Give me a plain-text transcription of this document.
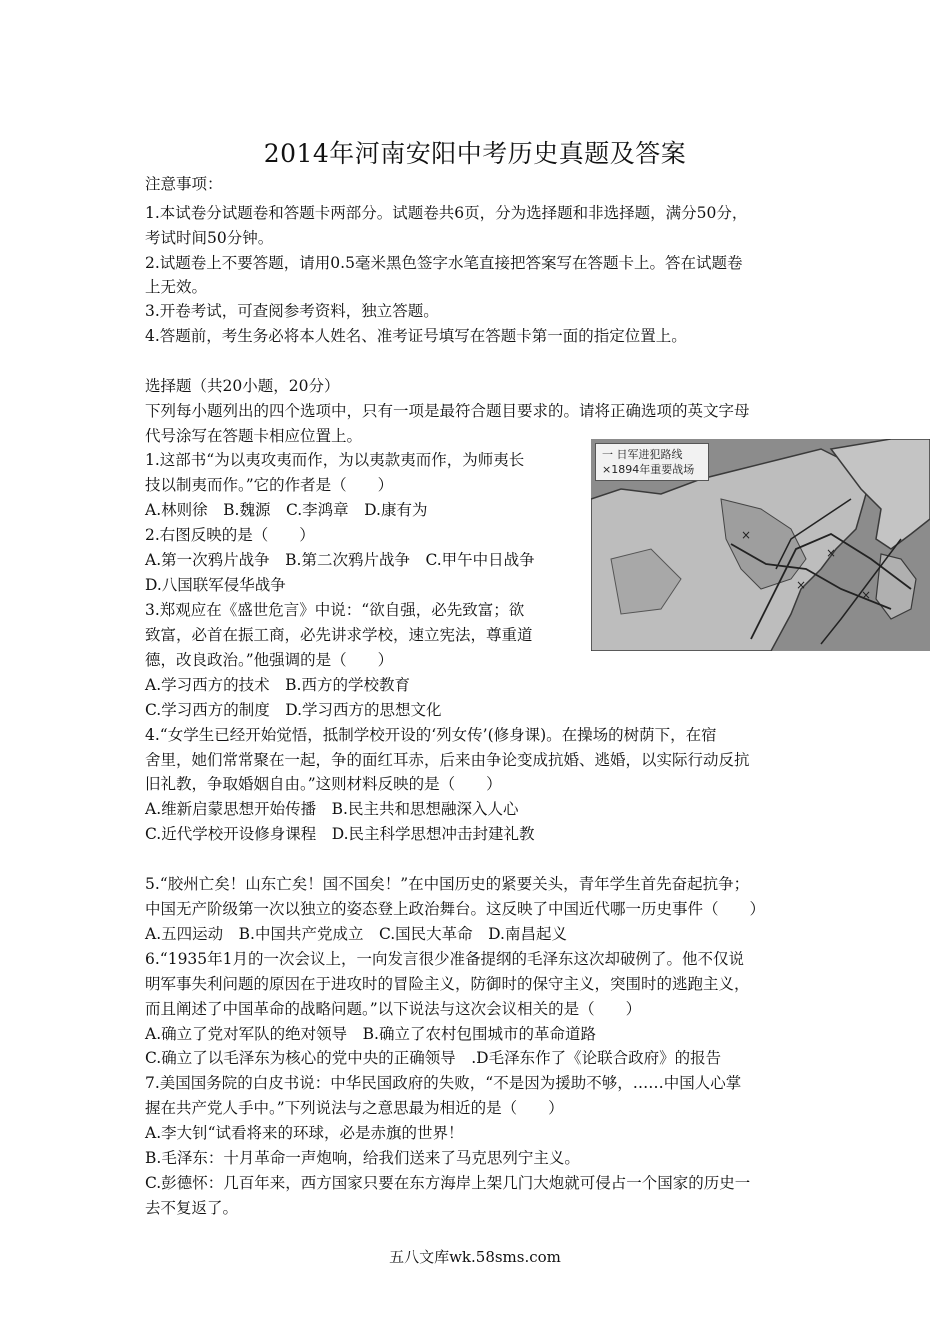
2014年河南安阳中考历史真题及答案
注意事项：
1.本试卷分试题卷和答题卡两部分。试题卷共6页，分为选择题和非选择题，满分50分，
考试时间50分钟。
2.试题卷上不要答题，请用0.5毫米黑色签字水笔直接把答案写在答题卡上。答在试题卷
上无效。
3.开卷考试，可查阅参考资料，独立答题。
4.答题前，考生务必将本人姓名、准考证号填写在答题卡第一面的指定位置上。
选择题（共20小题，20分）
下列每小题列出的四个选项中，只有一项是最符合题目要求的。请将正确选项的英文字母
代号涂写在答题卡相应位置上。
1.这部书“为以夷攻夷而作，为以夷款夷而作，为师夷长
技以制夷而作。”它的作者是（　　）
A.林则徐　B.魏源　C.李鸿章　D.康有为
2.右图反映的是（　　）
A.第一次鸦片战争　B.第二次鸦片战争　C.甲午中日战争
D.八国联军侵华战争
3.郑观应在《盛世危言》中说：“欲自强，必先致富；欲
致富，必首在振工商，必先讲求学校，速立宪法，尊重道
德，改良政治。”他强调的是（　　）
A.学习西方的技术　B.西方的学校教育
C.学习西方的制度　D.学习西方的思想文化
4.“女学生已经开始觉悟，抵制学校开设的‘列女传’(修身课)。在操场的树荫下，在宿
舍里，她们常常聚在一起，争的面红耳赤，后来由争论变成抗婚、逃婚，以实际行动反抗
旧礼教，争取婚姻自由。”这则材料反映的是（　　）
A.维新启蒙思想开始传播　B.民主共和思想融深入人心
C.近代学校开设修身课程　D.民主科学思想冲击封建礼教
5.“胶州亡矣！山东亡矣！国不国矣！”在中国历史的紧要关头，青年学生首先奋起抗争；
中国无产阶级第一次以独立的姿态登上政治舞台。这反映了中国近代哪一历史事件（　　）
A.五四运动　B.中国共产党成立　C.国民大革命　D.南昌起义
6.“1935年1月的一次会议上，一向发言很少准备提纲的毛泽东这次却破例了。他不仅说
明军事失利问题的原因在于进攻时的冒险主义，防御时的保守主义，突围时的逃跑主义，
而且阐述了中国革命的战略问题。”以下说法与这次会议相关的是（　　）
A.确立了党对军队的绝对领导　B.确立了农村包围城市的革命道路
C.确立了以毛泽东为核心的党中央的正确领导　.D毛泽东作了《论联合政府》的报告
7.美国国务院的白皮书说：中华民国政府的失败，“不是因为援助不够，……中国人心掌
握在共产党人手中。”下列说法与之意思最为相近的是（　　）
A.李大钊“试看将来的环球，必是赤旗的世界！
B.毛泽东：十月革命一声炮响，给我们送来了马克思列宁主义。
C.彭德怀：几百年来，西方国家只要在东方海岸上架几门大炮就可侵占一个国家的历史一
去不复返了。
×
×
×
×
一 日军进犯路线
×1894年重要战场
五八文库wk.58sms.com
